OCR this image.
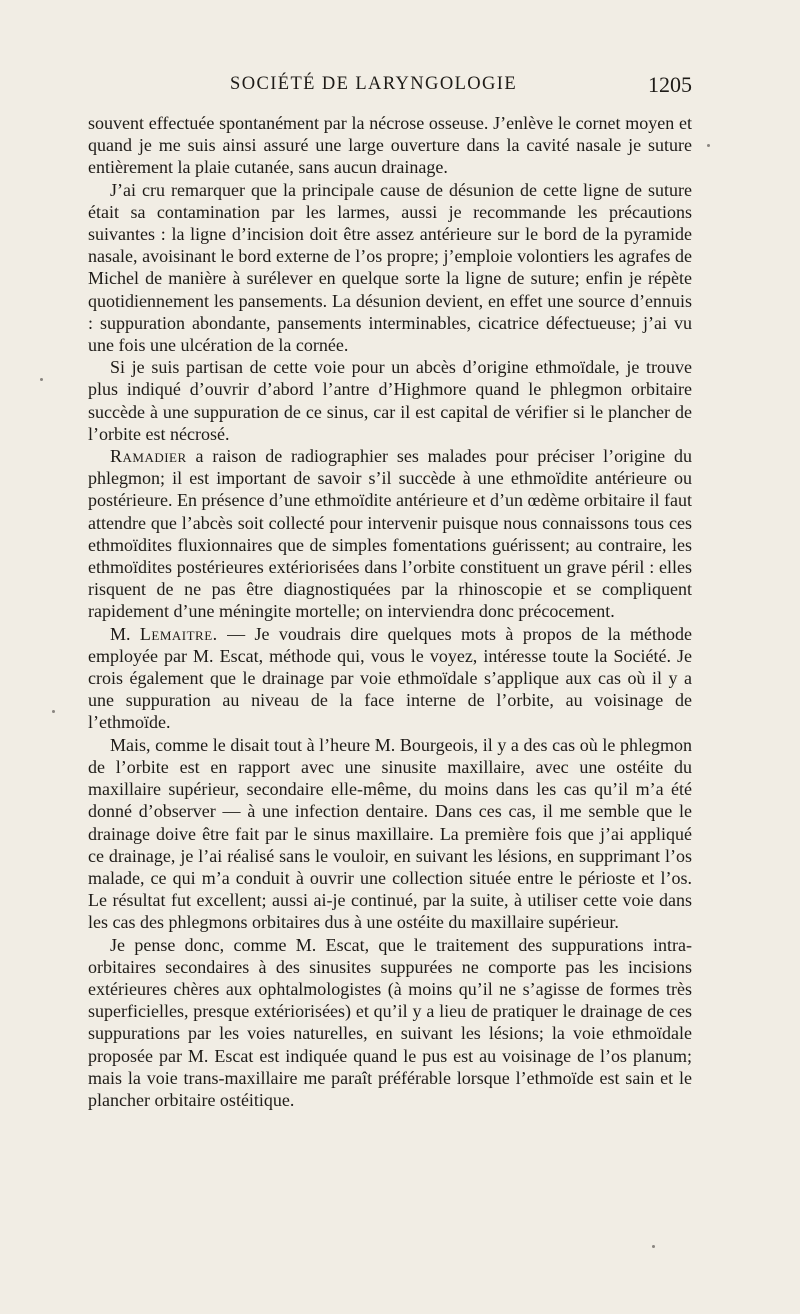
SOCIÉTÉ DE LARYNGOLOGIE	1205

souvent effectuée spontanément par la nécrose osseuse. J’enlève le cornet moyen et quand je me suis ainsi assuré une large ouverture dans la cavité nasale je suture entièrement la plaie cutanée, sans aucun drainage.

J’ai cru remarquer que la principale cause de désunion de cette ligne de suture était sa contamination par les larmes, aussi je recommande les précautions suivantes : la ligne d’incision doit être assez antérieure sur le bord de la pyramide nasale, avoisinant le bord externe de l’os propre; j’emploie volontiers les agrafes de Michel de manière à surélever en quelque sorte la ligne de suture; enfin je répète quotidiennement les pansements. La désunion devient, en effet une source d’ennuis : suppuration abondante, pansements interminables, cicatrice défectueuse; j’ai vu une fois une ulcération de la cornée.

Si je suis partisan de cette voie pour un abcès d’origine ethmoïdale, je trouve plus indiqué d’ouvrir d’abord l’antre d’Highmore quand le phlegmon orbitaire succède à une suppuration de ce sinus, car il est capital de vérifier si le plancher de l’orbite est nécrosé.

Ramadier a raison de radiographier ses malades pour préciser l’origine du phlegmon; il est important de savoir s’il succède à une ethmoïdite antérieure ou postérieure. En présence d’une ethmoïdite antérieure et d’un œdème orbitaire il faut attendre que l’abcès soit collecté pour intervenir puisque nous connaissons tous ces ethmoïdites fluxionnaires que de simples fomentations guérissent; au contraire, les ethmoïdites postérieures extériorisées dans l’orbite constituent un grave péril : elles risquent de ne pas être diagnostiquées par la rhinoscopie et se compliquent rapidement d’une méningite mortelle; on interviendra donc précocement.

M. Lemaitre. — Je voudrais dire quelques mots à propos de la méthode employée par M. Escat, méthode qui, vous le voyez, intéresse toute la Société. Je crois également que le drainage par voie ethmoïdale s’applique aux cas où il y a une suppuration au niveau de la face interne de l’orbite, au voisinage de l’ethmoïde.

Mais, comme le disait tout à l’heure M. Bourgeois, il y a des cas où le phlegmon de l’orbite est en rapport avec une sinusite maxillaire, avec une ostéite du maxillaire supérieur, secondaire elle-même, du moins dans les cas qu’il m’a été donné d’observer — à une infection dentaire. Dans ces cas, il me semble que le drainage doive être fait par le sinus maxillaire. La première fois que j’ai appliqué ce drainage, je l’ai réalisé sans le vouloir, en suivant les lésions, en supprimant l’os malade, ce qui m’a conduit à ouvrir une collection située entre le périoste et l’os. Le résultat fut excellent; aussi ai-je continué, par la suite, à utiliser cette voie dans les cas des phlegmons orbitaires dus à une ostéite du maxillaire supérieur.

Je pense donc, comme M. Escat, que le traitement des suppurations intra-orbitaires secondaires à des sinusites suppurées ne comporte pas les incisions extérieures chères aux ophtalmologistes (à moins qu’il ne s’agisse de formes très superficielles, presque extériorisées) et qu’il y a lieu de pratiquer le drainage de ces suppurations par les voies naturelles, en suivant les lésions; la voie ethmoïdale proposée par M. Escat est indiquée quand le pus est au voisinage de l’os planum; mais la voie trans-maxillaire me paraît préférable lorsque l’ethmoïde est sain et le plancher orbitaire ostéitique.
